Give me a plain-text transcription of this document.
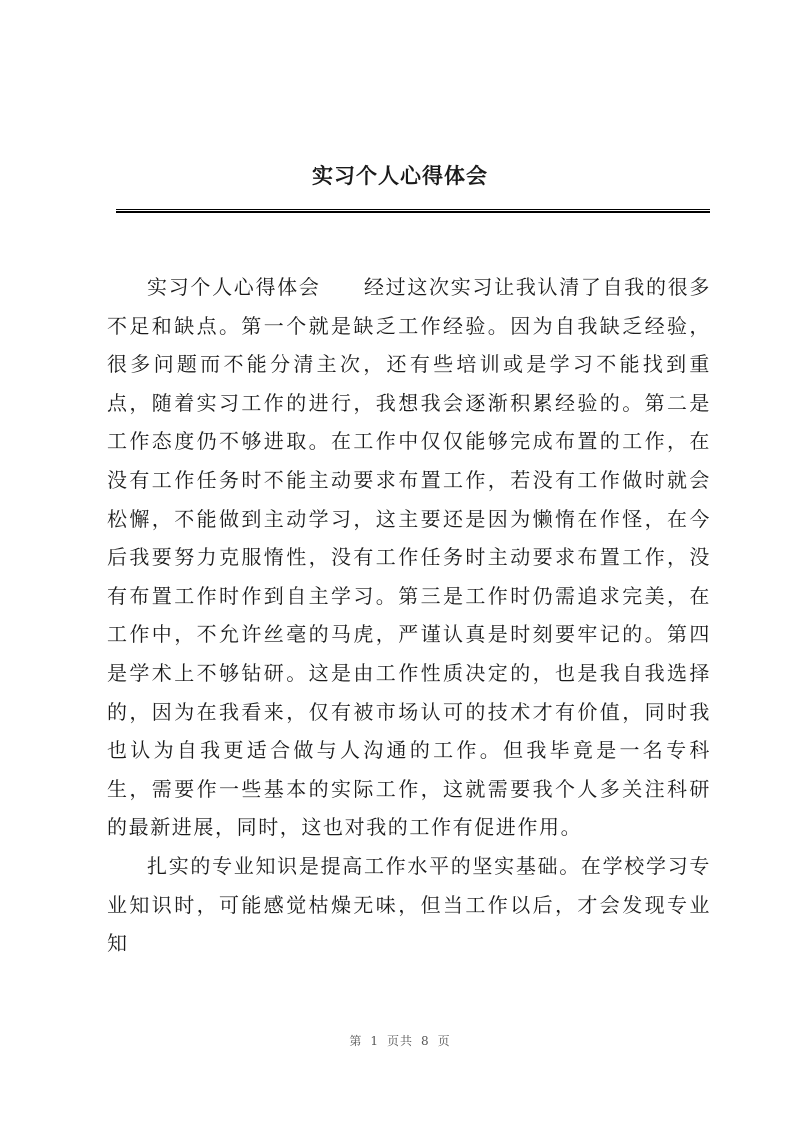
实习个人心得体会

实习个人心得体会　　经过这次实习让我认清了自我的很多不足和缺点。第一个就是缺乏工作经验。因为自我缺乏经验，很多问题而不能分清主次，还有些培训或是学习不能找到重点，随着实习工作的进行，我想我会逐渐积累经验的。第二是工作态度仍不够进取。在工作中仅仅能够完成布置的工作，在没有工作任务时不能主动要求布置工作，若没有工作做时就会松懈，不能做到主动学习，这主要还是因为懒惰在作怪，在今后我要努力克服惰性，没有工作任务时主动要求布置工作，没有布置工作时作到自主学习。第三是工作时仍需追求完美，在工作中，不允许丝毫的马虎，严谨认真是时刻要牢记的。第四是学术上不够钻研。这是由工作性质决定的，也是我自我选择的，因为在我看来，仅有被市场认可的技术才有价值，同时我也认为自我更适合做与人沟通的工作。但我毕竟是一名专科生，需要作一些基本的实际工作，这就需要我个人多关注科研的最新进展，同时，这也对我的工作有促进作用。

扎实的专业知识是提高工作水平的坚实基础。在学校学习专业知识时，可能感觉枯燥无味，但当工作以后，才会发现专业知

第 1 页共 8 页
